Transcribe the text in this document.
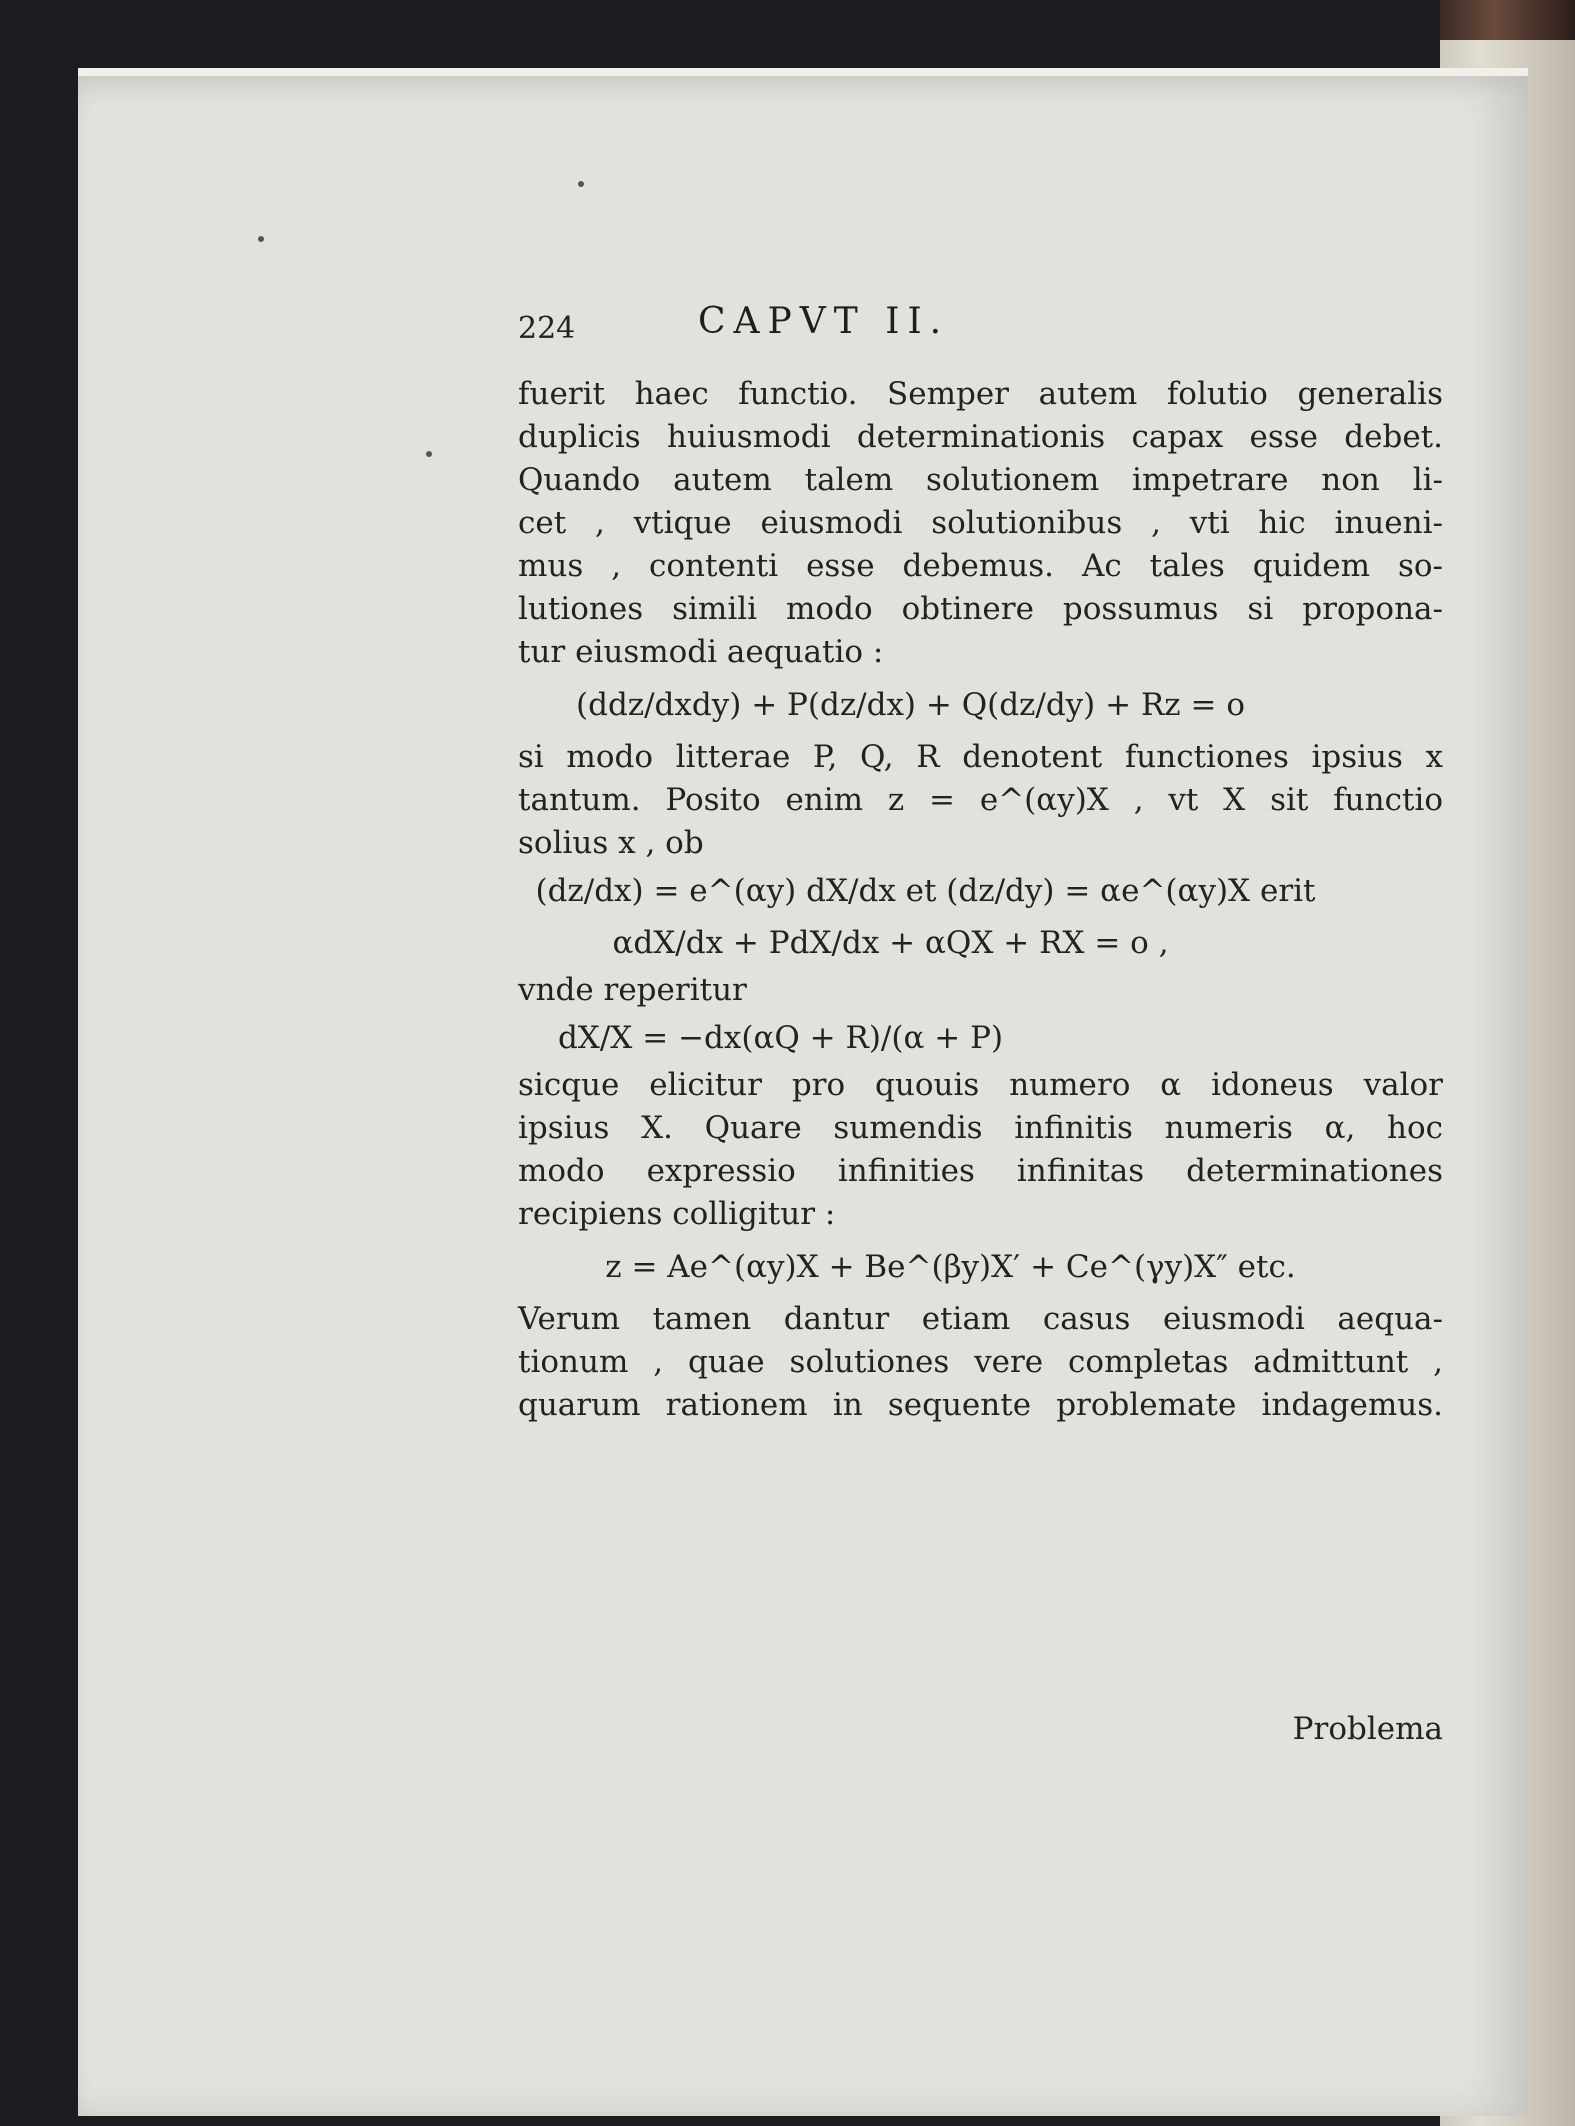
224	CAPVT II.
fuerit haec functio. Semper autem folutio generalis
duplicis huiusmodi determinationis capax esse debet.
Quando autem talem solutionem impetrare non li-
cet , vtique eiusmodi solutionibus , vti hic inueni-
mus , contenti esse debemus. Ac tales quidem so-
lutiones simili modo obtinere possumus si propona-
tur eiusmodi aequatio :
(ddz/dxdy) + P(dz/dx) + Q(dz/dy) + Rz = o
si modo litterae P, Q, R denotent functiones ipsius x
tantum. Posito enim z = e^(αy)X , vt X sit functio
solius x , ob
(dz/dx) = e^(αy) dX/dx et (dz/dy) = αe^(αy)X erit
αdX/dx + PdX/dx + αQX + RX = o ,
vnde reperitur
dX/X = −dx(αQ + R)/(α + P)
sicque elicitur pro quouis numero α idoneus valor
ipsius X. Quare sumendis infinitis numeris α, hoc
modo expressio infinities infinitas determinationes
recipiens colligitur :
z = Ae^(αy)X + Be^(βy)X′ + Ce^(γy)X″ etc.
Verum tamen dantur etiam casus eiusmodi aequa-
tionum , quae solutiones vere completas admittunt ,
quarum rationem in sequente problemate indagemus.
Problema
